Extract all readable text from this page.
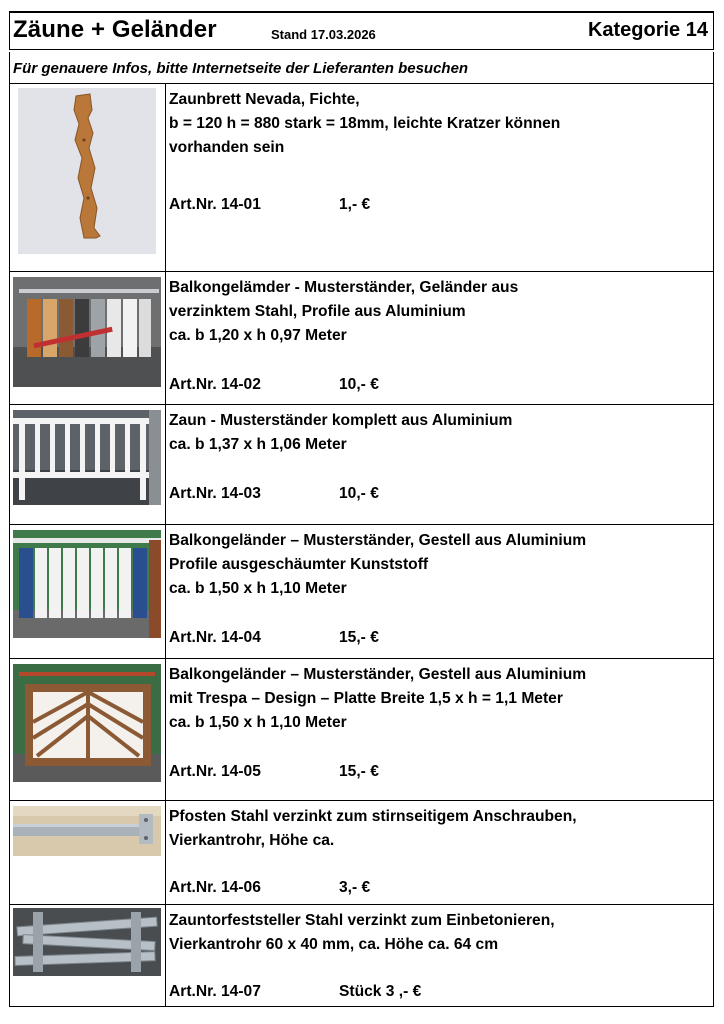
Zäune + Geländer	Stand 17.03.2026	Kategorie 14
Für genauere Infos, bitte Internetseite der Lieferanten besuchen
Zaunbrett Nevada, Fichte,
b = 120 h = 880 stark = 18mm, leichte Kratzer können
vorhanden sein
Art.Nr. 14-01	1,- €
Balkongelämder - Musterständer, Geländer aus
verzinktem Stahl, Profile aus Aluminium
ca. b 1,20 x h 0,97 Meter
Art.Nr. 14-02	10,- €
Zaun - Musterständer komplett aus Aluminium
ca. b 1,37 x h 1,06 Meter
Art.Nr. 14-03	10,- €
Balkongeländer – Musterständer, Gestell aus Aluminium
Profile ausgeschäumter Kunststoff
ca. b 1,50 x h 1,10 Meter
Art.Nr. 14-04	15,- €
Balkongeländer – Musterständer, Gestell aus Aluminium
mit Trespa – Design – Platte Breite 1,5 x h = 1,1 Meter
ca. b 1,50 x h 1,10 Meter
Art.Nr. 14-05	15,- €
Pfosten Stahl verzinkt zum stirnseitigem Anschrauben,
Vierkantrohr, Höhe ca.
Art.Nr. 14-06	3,- €
Zauntorfeststeller Stahl verzinkt zum Einbetonieren,
Vierkantrohr 60 x 40 mm, ca. Höhe ca. 64 cm
Art.Nr. 14-07	Stück 3 ,- €
